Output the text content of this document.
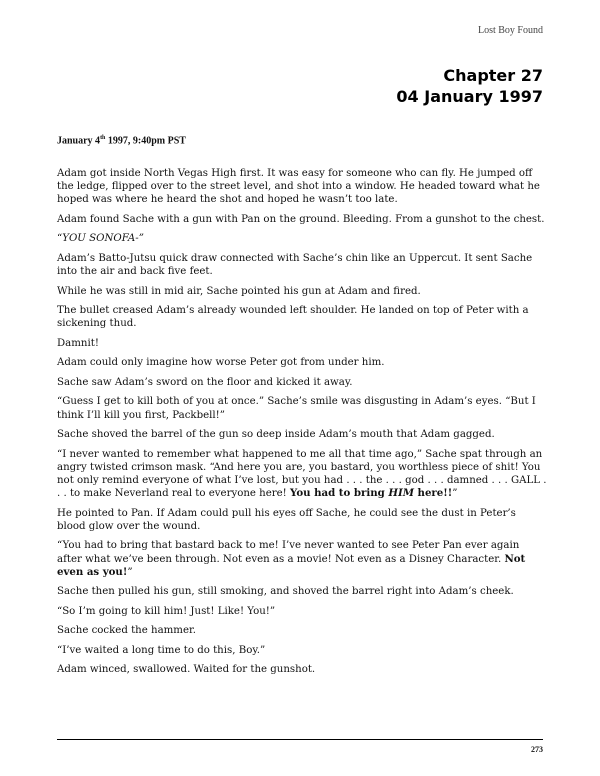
Lost Boy Found
Chapter 27
04 January 1997
January 4th 1997, 9:40pm PST

Adam got inside North Vegas High first. It was easy for someone who can fly. He jumped off the ledge, flipped over to the street level, and shot into a window. He headed toward what he hoped was where he heard the shot and hoped he wasn’t too late.

Adam found Sache with a gun with Pan on the ground. Bleeding. From a gunshot to the chest.

“YOU SONOFA-”

Adam’s Batto-Jutsu quick draw connected with Sache’s chin like an Uppercut. It sent Sache into the air and back five feet.

While he was still in mid air, Sache pointed his gun at Adam and fired.

The bullet creased Adam’s already wounded left shoulder. He landed on top of Peter with a sickening thud.

Damnit!

Adam could only imagine how worse Peter got from under him.

Sache saw Adam’s sword on the floor and kicked it away.

“Guess I get to kill both of you at once.” Sache’s smile was disgusting in Adam’s eyes. “But I think I’ll kill you first, Packbell!”

Sache shoved the barrel of the gun so deep inside Adam’s mouth that Adam gagged.

“I never wanted to remember what happened to me all that time ago,” Sache spat through an angry twisted crimson mask. “And here you are, you bastard, you worthless piece of shit! You not only remind everyone of what I’ve lost, but you had . . . the . . . god . . . damned . . . GALL . . . to make Neverland real to everyone here! You had to bring HIM here!!”

He pointed to Pan. If Adam could pull his eyes off Sache, he could see the dust in Peter’s blood glow over the wound.

“You had to bring that bastard back to me! I’ve never wanted to see Peter Pan ever again after what we’ve been through. Not even as a movie! Not even as a Disney Character. Not even as you!”

Sache then pulled his gun, still smoking, and shoved the barrel right into Adam’s cheek.

“So I’m going to kill him! Just! Like! You!”

Sache cocked the hammer.

“I’ve waited a long time to do this, Boy.”

Adam winced, swallowed. Waited for the gunshot.

273
